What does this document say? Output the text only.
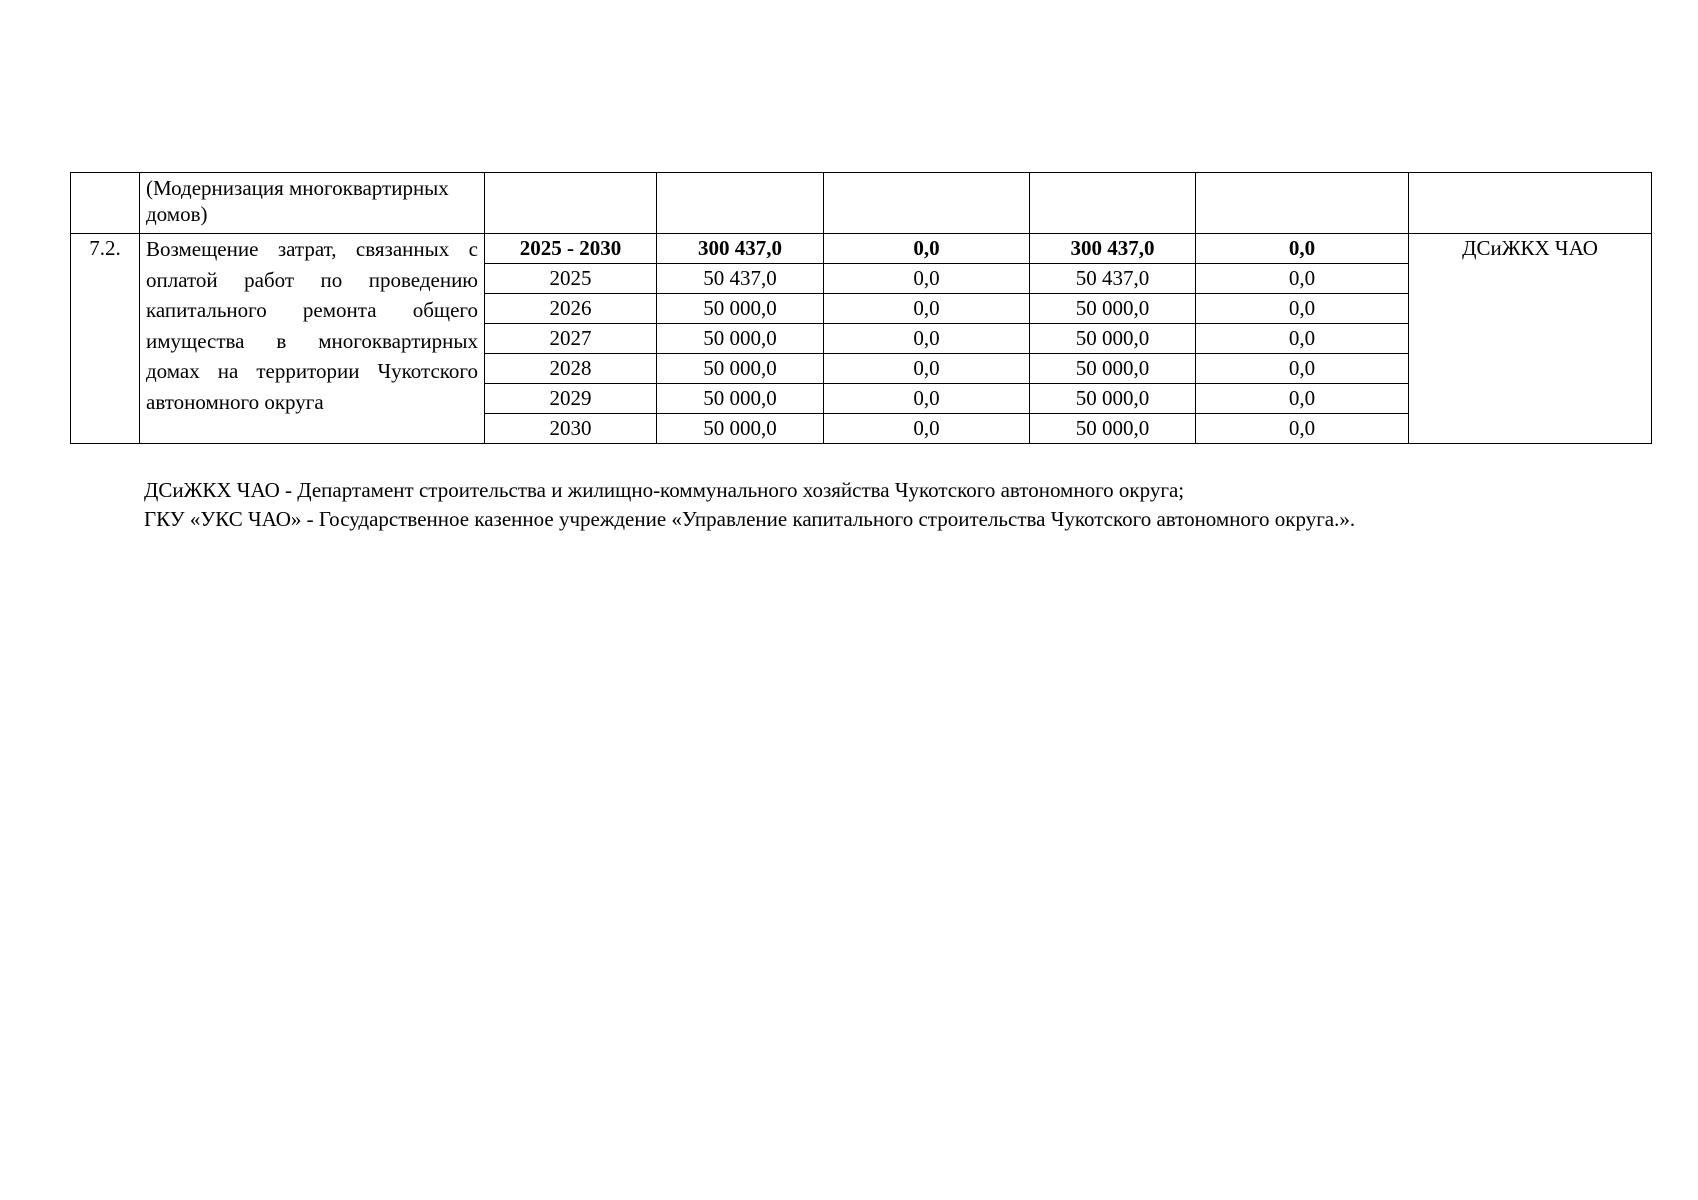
	(Модернизация многоквартирных домов)						
7.2.	Возмещение затрат, связанных с оплатой работ по проведению капитального ремонта общего имущества в многоквартирных домах на территории Чукотского автономного округа	2025 - 2030	300 437,0	0,0	300 437,0	0,0	ДСиЖКХ ЧАО
		2025	50 437,0	0,0	50 437,0	0,0	
		2026	50 000,0	0,0	50 000,0	0,0	
		2027	50 000,0	0,0	50 000,0	0,0	
		2028	50 000,0	0,0	50 000,0	0,0	
		2029	50 000,0	0,0	50 000,0	0,0	
		2030	50 000,0	0,0	50 000,0	0,0	

ДСиЖКХ ЧАО - Департамент строительства и жилищно-коммунального хозяйства Чукотского автономного округа;

ГКУ «УКС ЧАО» - Государственное казенное учреждение «Управление капитального строительства Чукотского автономного округа.».
